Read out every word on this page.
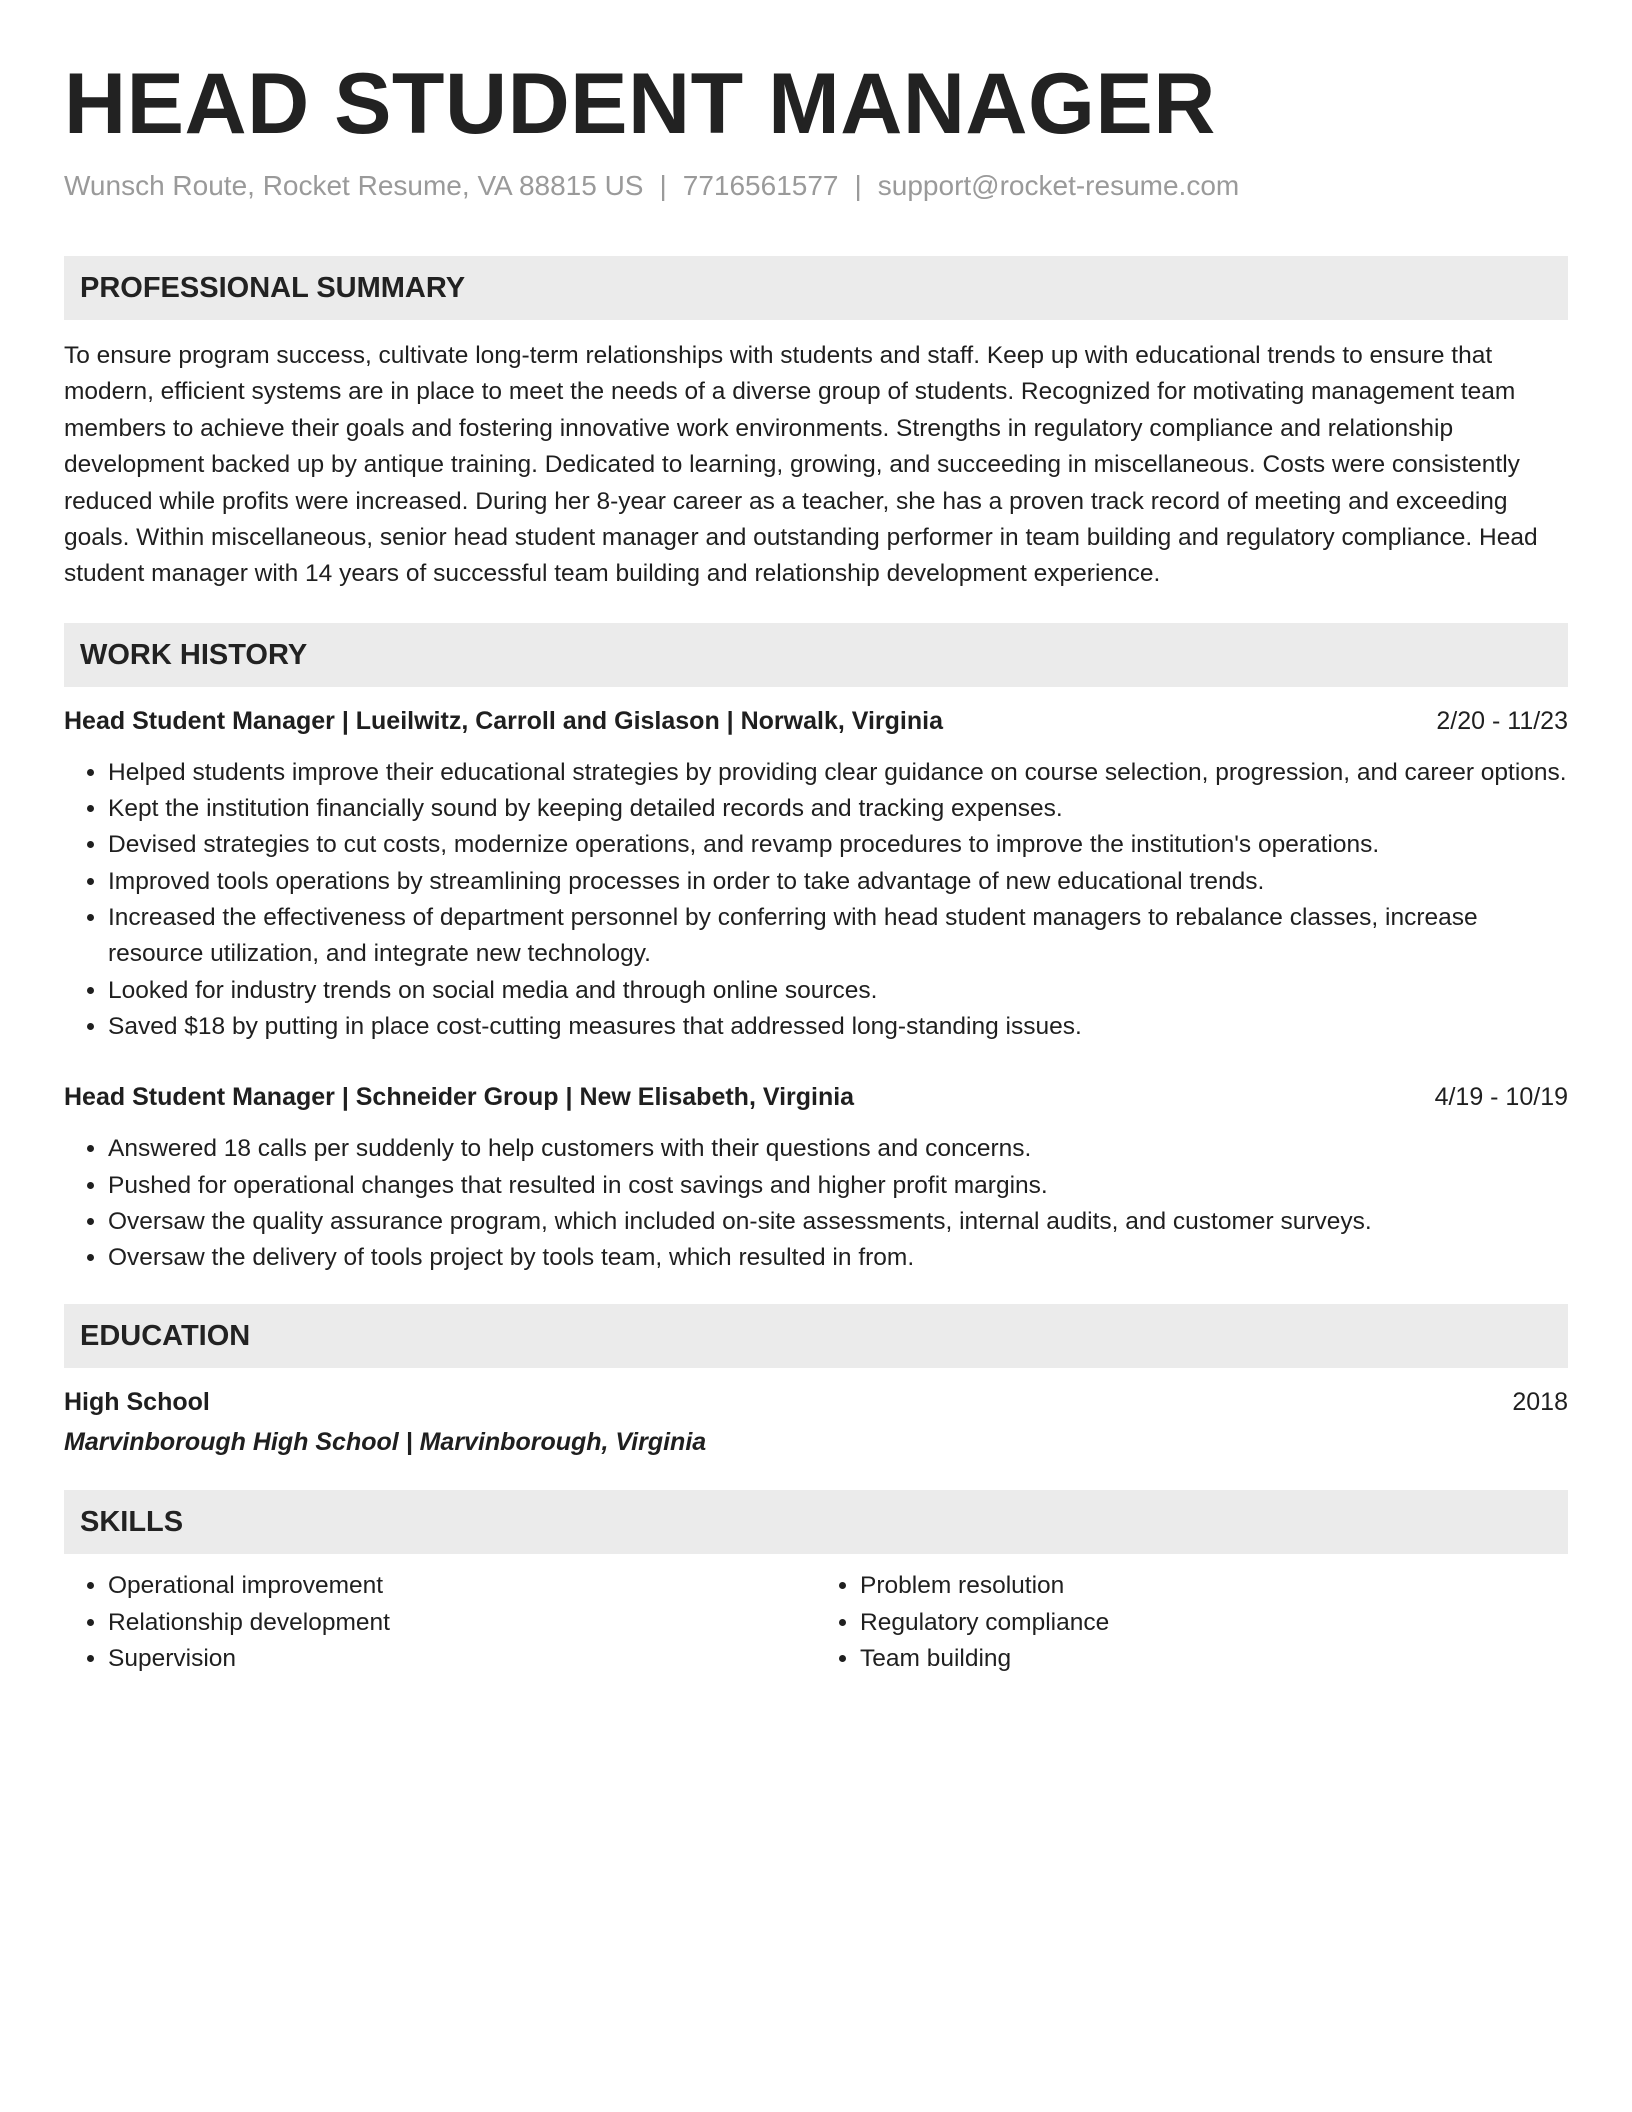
HEAD STUDENT MANAGER
Wunsch Route, Rocket Resume, VA 88815 US | 7716561577 | support@rocket-resume.com
PROFESSIONAL SUMMARY
To ensure program success, cultivate long-term relationships with students and staff. Keep up with educational trends to ensure that modern, efficient systems are in place to meet the needs of a diverse group of students. Recognized for motivating management team members to achieve their goals and fostering innovative work environments. Strengths in regulatory compliance and relationship development backed up by antique training. Dedicated to learning, growing, and succeeding in miscellaneous. Costs were consistently reduced while profits were increased. During her 8-year career as a teacher, she has a proven track record of meeting and exceeding goals. Within miscellaneous, senior head student manager and outstanding performer in team building and regulatory compliance. Head student manager with 14 years of successful team building and relationship development experience.
WORK HISTORY
Head Student Manager | Lueilwitz, Carroll and Gislason | Norwalk, Virginia	2/20 - 11/23
• Helped students improve their educational strategies by providing clear guidance on course selection, progression, and career options.
• Kept the institution financially sound by keeping detailed records and tracking expenses.
• Devised strategies to cut costs, modernize operations, and revamp procedures to improve the institution's operations.
• Improved tools operations by streamlining processes in order to take advantage of new educational trends.
• Increased the effectiveness of department personnel by conferring with head student managers to rebalance classes, increase resource utilization, and integrate new technology.
• Looked for industry trends on social media and through online sources.
• Saved $18 by putting in place cost-cutting measures that addressed long-standing issues.
Head Student Manager | Schneider Group | New Elisabeth, Virginia	4/19 - 10/19
• Answered 18 calls per suddenly to help customers with their questions and concerns.
• Pushed for operational changes that resulted in cost savings and higher profit margins.
• Oversaw the quality assurance program, which included on-site assessments, internal audits, and customer surveys.
• Oversaw the delivery of tools project by tools team, which resulted in from.
EDUCATION
High School	2018
Marvinborough High School | Marvinborough, Virginia
SKILLS
• Operational improvement
• Relationship development
• Supervision
• Problem resolution
• Regulatory compliance
• Team building
